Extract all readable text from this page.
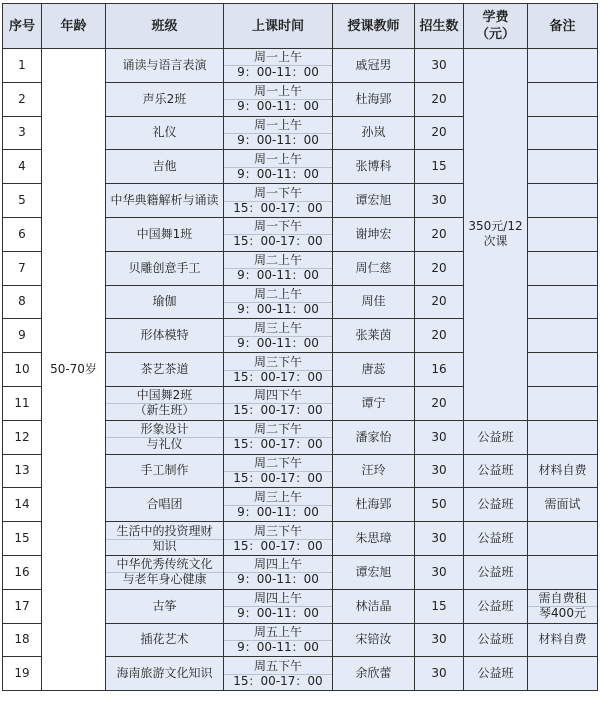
序号	年龄	班级	上课时间	授课教师	招生数	学费
（元）	备注
1	50-70岁	诵读与语言表演	周一上午
9：00-11：00	戚冠男	30	350元/12
次课	

2		声乐2班	周一上午
9：00-11：00	杜海郢	20		
3		礼仪	周一上午
9：00-11：00	孙岚	20		
4		吉他	周一上午
9：00-11：00	张博科	15		
5		中华典籍解析与诵读	周一下午
15：00-17：00	谭宏旭	30		
6		中国舞1班	周一下午
15：00-17：00	谢坤宏	20		
7		贝雕创意手工	周二上午
9：00-11：00	周仁慈	20		
8		瑜伽	周二上午
9：00-11：00	周佳	20		
9		形体模特	周三上午
9：00-11：00	张莱茵	20		
10		茶艺茶道	周三下午
15：00-17：00	唐蕊	16		
11		中国舞2班
（新生班）	周四下午
15：00-17：00	谭宁	20		
12		形象设计
与礼仪	周二下午
15：00-17：00	潘家怡	30	公益班	
13		手工制作	周二下午
15：00-17：00	汪玲	30	公益班	材料自费

14		合唱团	周三上午
9：00-11：00	杜海郢	50	公益班	需面试

15		生活中的投资理财
知识	周三下午
15：00-17：00	朱思璋	30	公益班	
16		中华优秀传统文化
与老年身心健康	周四上午
9：00-11：00	谭宏旭	30	公益班	
17		古筝	周四上午
9：00-11：00	林洁晶	15	公益班	需自费租
琴400元

18		插花艺术	周五上午
9：00-11：00	宋锫汝	30	公益班	材料自费

19		海南旅游文化知识	周五下午
15：00-17：00	余欣蕾	30	公益班	
